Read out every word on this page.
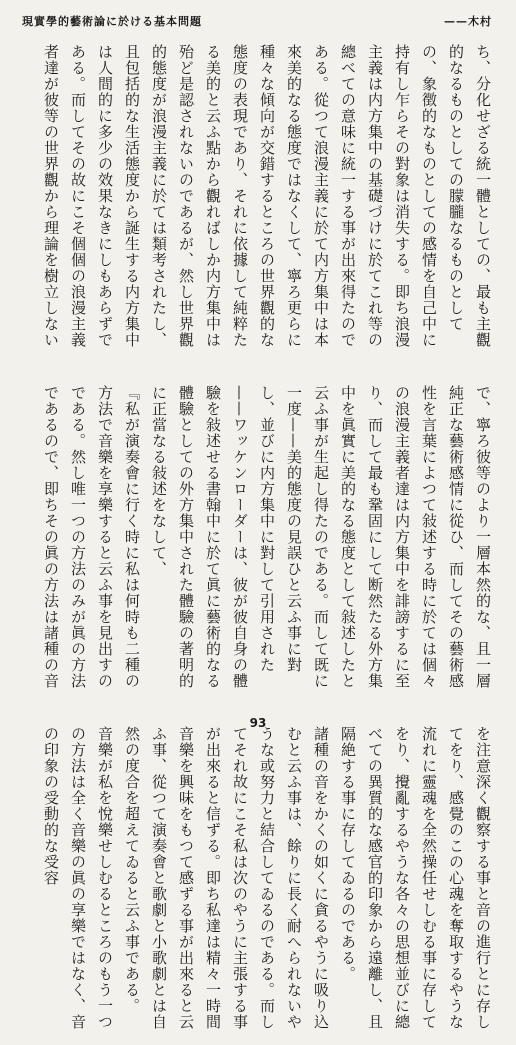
現實學的藝術論に於ける基本問題	——木村

ち、分化せざる統一體としての、最も主觀的なるものとしての朦朧なるものとしての、象徴的なものとしての感情を自己中に持有し乍らその對象は消失する。即ち浪漫主義は内方集中の基礎づけに於てこれ等の總べての意味に統一する事が出來得たのである。從つて浪漫主義に於て内方集中は本來美的なる態度ではなくして、寧ろ更らに種々な傾向が交錯するところの世界觀的な態度の表現であり、それに依據して純粹たる美的と云ふ點から觀ればしか内方集中は殆ど是認されないのであるが、然し世界觀的態度が浪漫主義に於ては類考されたし、且包括的な生活態度から誕生する内方集中は人間的に多少の效果なきにしもあらずである。而してその故にこそ個個の浪漫主義者達が彼等の世界觀から理論を樹立しないで、寧ろ彼等のより一層本然的な、且一層純正な藝術感情に從ひ、而してその藝術感性を言葉によつて敍述する時に於ては個々の浪漫主義者達は内方集中を誹謗するに至り、而して最も鞏固にして断然たる外方集中を眞實に美的なる態度として敍述したと云ふ事が生起し得たのである。而して既に一度——美的態度の見誤ひと云ふ事に對し、並びに内方集中に對して引用された——ワッケンローダーは、彼が彼自身の體驗を敍述せる書翰中に於て眞に藝術的なる體驗としての外方集中された體驗の著明的に正當なる敍述をなして、

『私が演奏會に行く時に私は何時も二種の方法で音樂を享樂すると云ふ事を見出すのである。然し唯一つの方法のみが眞の方法であるので、即ちその眞の方法は諸種の音を注意深く觀察する事と音の進行とに存してをり、感覺のこの心魂を奪取するやうな流れに靈魂を全然操任せしむる事に存してをり、攪亂するやうな各々の思想並びに總べての異質的な感官的印象から遠離し、且隔絶する事に存してゐるのである。

諸種の音をかくの如くに貪るやうに吸り込むと云ふ事は、餘りに長く耐へられないやうな或努力と結合してゐるのである。而してそれ故にこそ私は次のやうに主張する事が出來ると信ずる。即ち私達は精々一時間音樂を興味をもつて感ずる事が出來ると云ふ事、從つて演奏會と歌劇と小歌劇とは自然の度合を超えてゐると云ふ事である。

音樂が私を悅樂せしむるところのもう一つの方法は全く音樂の眞の享樂ではなく、音の印象の受動的な受容

93
